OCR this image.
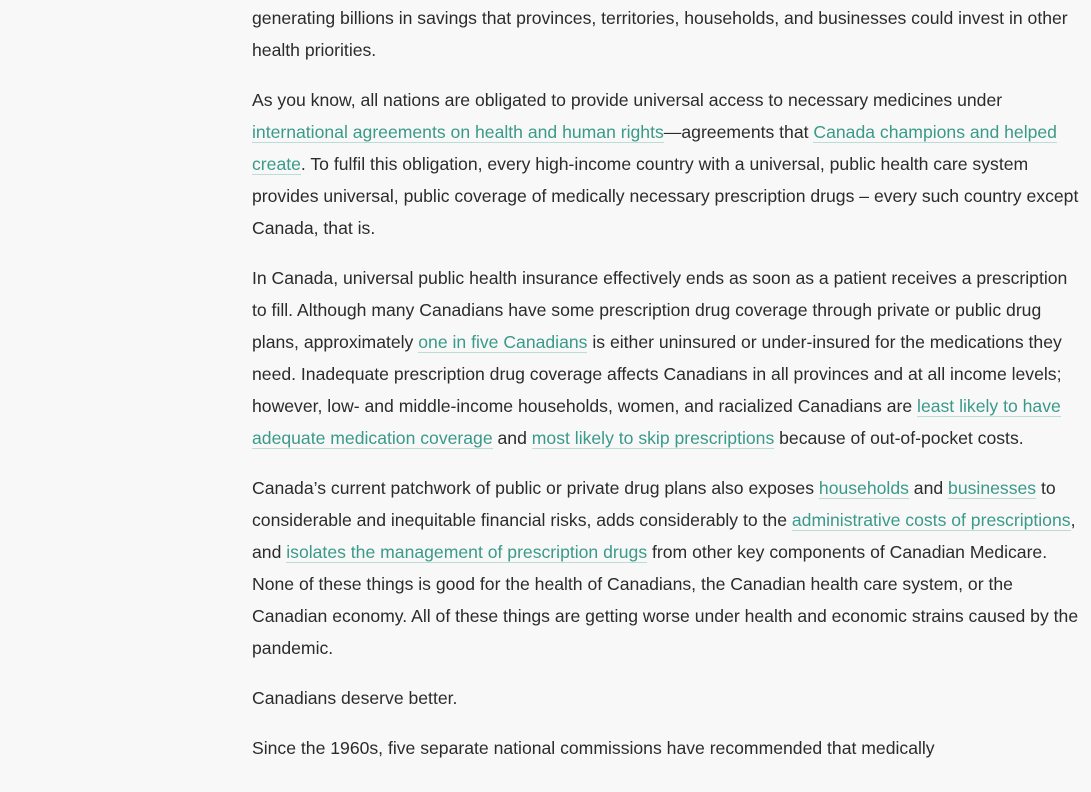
generating billions in savings that provinces, territories, households, and businesses could invest in other health priorities.

As you know, all nations are obligated to provide universal access to necessary medicines under international agreements on health and human rights—agreements that Canada champions and helped create. To fulfil this obligation, every high-income country with a universal, public health care system provides universal, public coverage of medically necessary prescription drugs – every such country except Canada, that is.

In Canada, universal public health insurance effectively ends as soon as a patient receives a prescription to fill. Although many Canadians have some prescription drug coverage through private or public drug plans, approximately one in five Canadians is either uninsured or under-insured for the medications they need. Inadequate prescription drug coverage affects Canadians in all provinces and at all income levels; however, low- and middle-income households, women, and racialized Canadians are least likely to have adequate medication coverage and most likely to skip prescriptions because of out-of-pocket costs.

Canada’s current patchwork of public or private drug plans also exposes households and businesses to considerable and inequitable financial risks, adds considerably to the administrative costs of prescriptions, and isolates the management of prescription drugs from other key components of Canadian Medicare. None of these things is good for the health of Canadians, the Canadian health care system, or the Canadian economy. All of these things are getting worse under health and economic strains caused by the pandemic.

Canadians deserve better.

Since the 1960s, five separate national commissions have recommended that medically
